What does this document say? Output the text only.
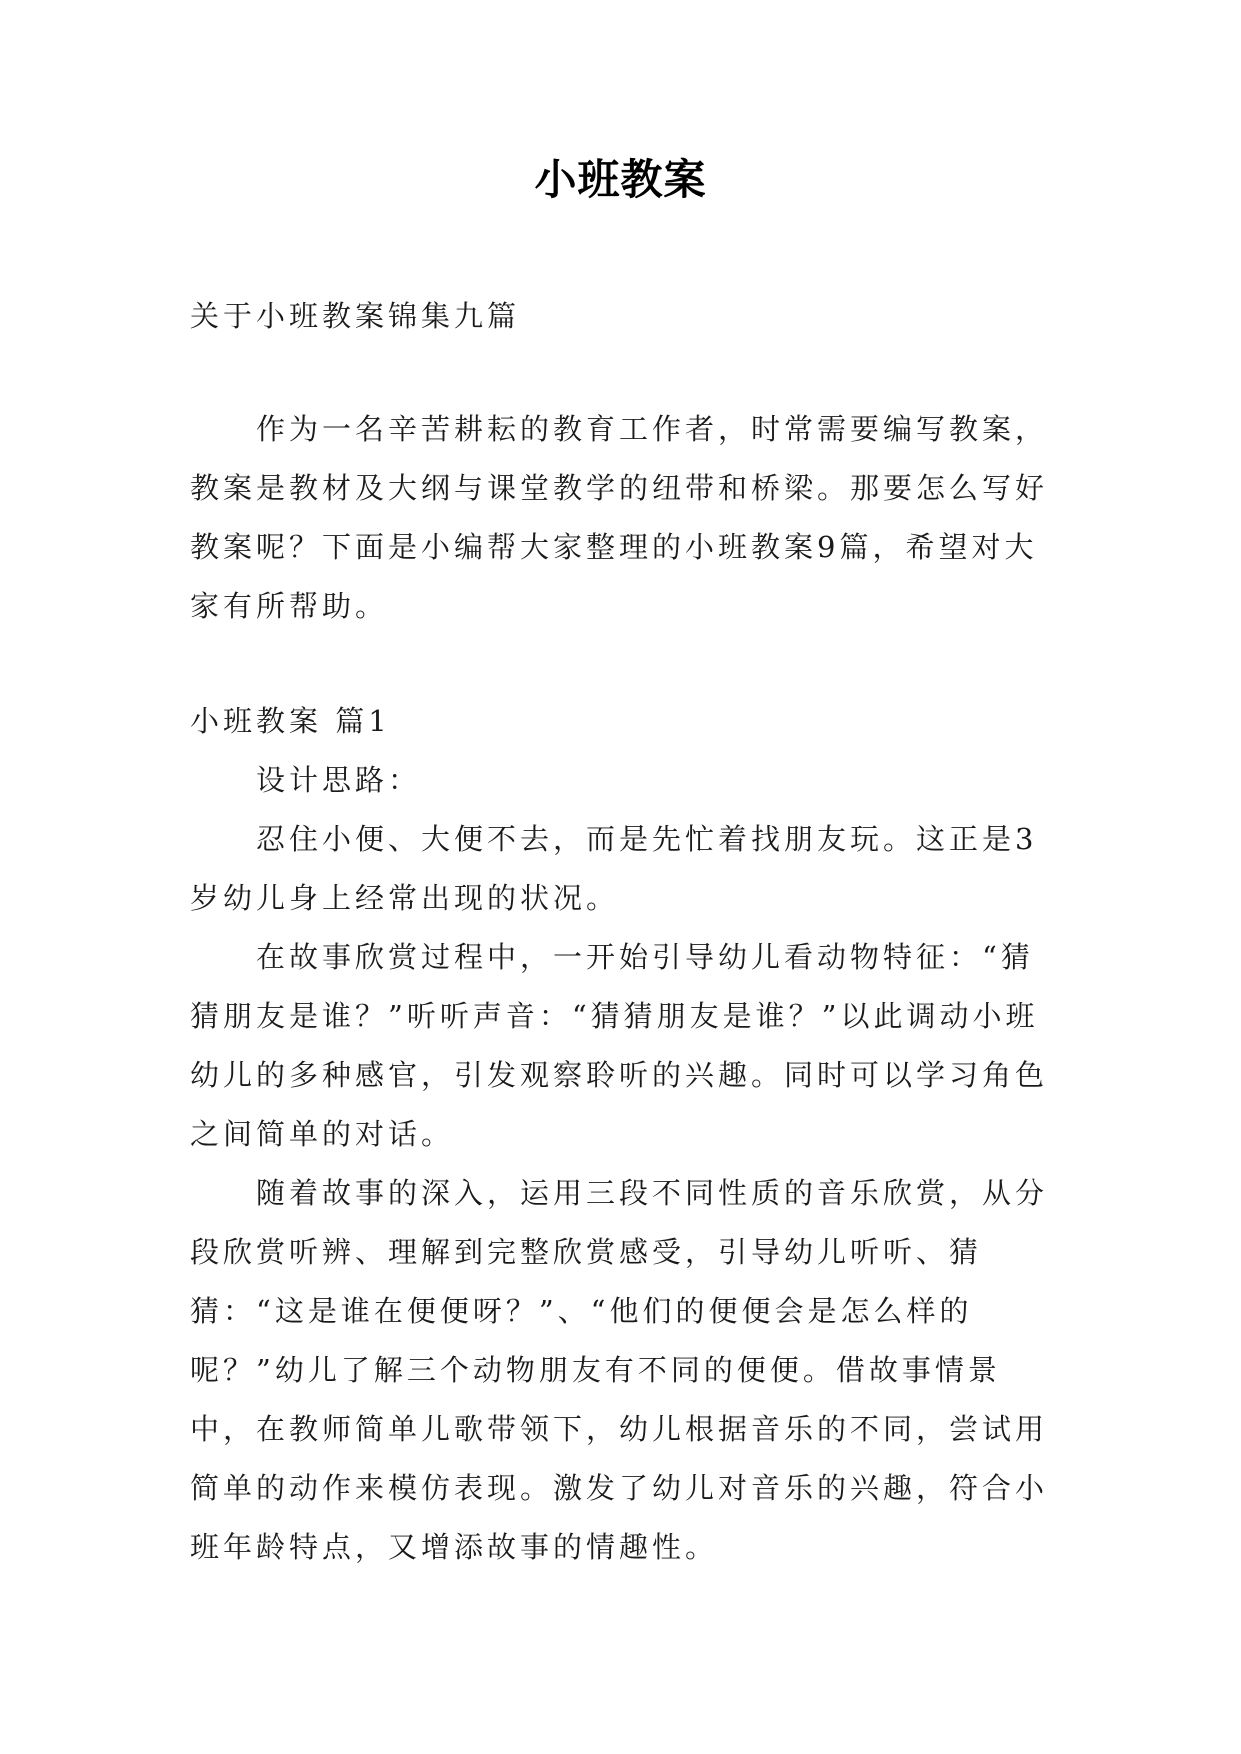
小班教案

关于小班教案锦集九篇

作为一名辛苦耕耘的教育工作者，时常需要编写教案，教案是教材及大纲与课堂教学的纽带和桥梁。那要怎么写好教案呢？下面是小编帮大家整理的小班教案9篇，希望对大家有所帮助。

小班教案 篇1

设计思路：

忍住小便、大便不去，而是先忙着找朋友玩。这正是3岁幼儿身上经常出现的状况。

在故事欣赏过程中，一开始引导幼儿看动物特征：“猜猜朋友是谁？”听听声音：“猜猜朋友是谁？”以此调动小班幼儿的多种感官，引发观察聆听的兴趣。同时可以学习角色之间简单的对话。

随着故事的深入，运用三段不同性质的音乐欣赏，从分段欣赏听辨、理解到完整欣赏感受，引导幼儿听听、猜猜：“这是谁在便便呀？”、“他们的便便会是怎么样的呢？”幼儿了解三个动物朋友有不同的便便。借故事情景中，在教师简单儿歌带领下，幼儿根据音乐的不同，尝试用简单的动作来模仿表现。激发了幼儿对音乐的兴趣，符合小班年龄特点，又增添故事的情趣性。
